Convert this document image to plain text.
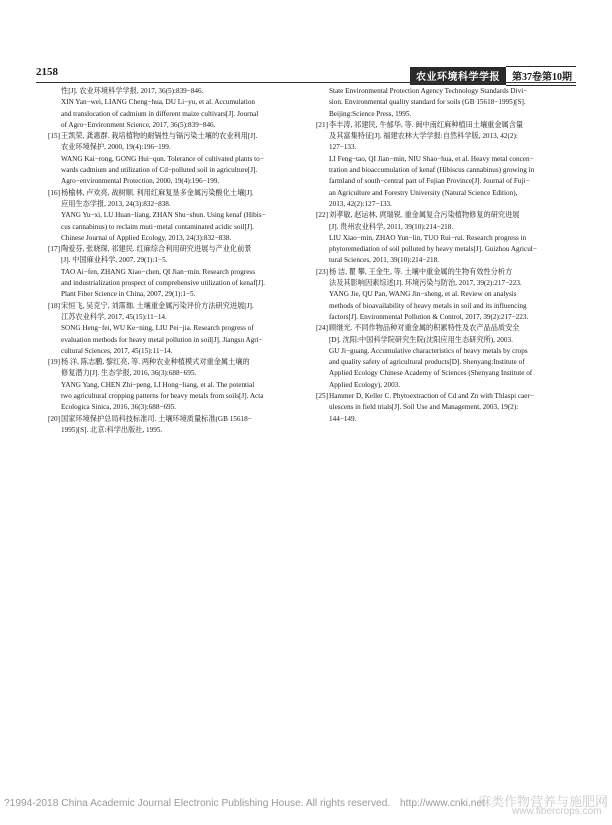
2158	农业环境科学学报	第37卷第10期
性[J]. 农业环境科学学报, 2017, 36(5):839−846.
XIN Yan−wei, LIANG Cheng−hua, DU Li−yu, et al. Accumulation
and translocation of cadmium in different maize cultivars[J]. Journal
of Agro−Environment Science, 2017, 36(5):839−846.
[15] 王凯荣, 龚惠群. 栽培植物的耐镉性与镉污染土壤的农业利用[J].
农业环境保护, 2000, 19(4):196−199.
WANG Kai−rong, GONG Hui−qun. Tolerance of cultivated plants to−
wards cadmium and utilization of Cd−polluted soil in agriculture[J].
Agro−environmental Protection, 2000, 19(4):196−199.
[16] 杨榆林, 卢欢亮, 战树顺. 利用红麻复垦多金属污染酸化土壤[J].
应用生态学报, 2013, 24(3):832−838.
YANG Yu−xi, LU Huan−liang, ZHAN Shu−shun. Using kenaf (Hibis−
cus cannabinus) to reclaim muti−metal contaminated acidic soil[J].
Chinese Journal of Applied Ecology, 2013, 24(3):832−838.
[17] 陶爱芬, 张晓琛, 祁建民. 红麻综合利用研究进展与产业化前景
[J]. 中国麻业科学, 2007, 29(1):1−5.
TAO Ai−fen, ZHANG Xiao−chen, QI Jian−min. Research progress
and industrialization prospect of comprehensive utilization of kenaf[J].
Plant Fiber Science in China, 2007, 29(1):1−5.
[18] 宋恒飞, 吴克宁, 刘霈珈. 土壤重金属污染评价方法研究进展[J].
江苏农业科学, 2017, 45(15):11−14.
SONG Heng−fei, WU Ke−ning, LIU Pei−jia. Research progress of
evaluation methods for heavy metal pollution in soil[J]. Jiangsu Agri−
cultural Sciences, 2017, 45(15):11−14.
[19] 杨 洋, 陈志鹏, 黎红亮, 等. 两种农业种植模式对重金属土壤的
修复潜力[J]. 生态学报, 2016, 36(3):688−695.
YANG Yang, CHEN Zhi−peng, LI Hong−liang, et al. The potential
two agricultural cropping patterns for heavy metals from soils[J]. Acta
Ecologica Sinica, 2016, 36(3):688−695.
[20] 国家环境保护总局科技标准司. 土壤环境质量标准(GB 15618−
1995)[S]. 北京:科学出版社, 1995.
State Environmental Protection Agency Technology Standards Divi−
sion. Environmental quality standard for soils (GB 15618−1995)[S].
Beijing:Science Press, 1995.
[21] 李丰涛, 祁建民, 牛郁华, 等. 闽中南红麻种植田土壤重金属含量
及其富集特征[J]. 福建农林大学学报:自然科学版, 2013, 42(2):
127−133.
LI Feng−tao, QI Jian−min, NIU Shao−hua, et al. Heavy metal concen−
tration and bioaccumulation of kenaf (Hibiscus cannabinus) growing in
farmland of south−central part of Fujian Province[J]. Journal of Fuji−
an Agriculture and Forestry University (Natural Science Edition),
2013, 42(2):127−133.
[22] 刘孝敏, 赵运林, 庹瑞锐. 重金属复合污染植物修复的研究进展
[J]. 贵州农业科学, 2011, 39(10):214−218.
LIU Xiao−min, ZHAO Yun−lin, TUO Rui−rui. Research progress in
phytoremediation of soil polluted by heavy metals[J]. Guizhou Agricul−
tural Sciences, 2011, 39(10):214−218.
[23] 杨 洁, 瞿 攀, 王金生, 等. 土壤中重金属的生物有效性分析方
法及其影响因素综述[J]. 环境污染与防治, 2017, 39(2):217−223.
YANG Jie, QU Pan, WANG Jin−sheng, et al. Review on analysis
methods of bioavailability of heavy metals in soil and its influencing
factors[J]. Environmental Pollution & Control, 2017, 39(2):217−223.
[24] 顾继光. 不同作物品种对重金属的积累特性及农产品品质安全
[D]. 沈阳:中国科学院研究生院(沈阳应用生态研究所), 2003.
GU Ji−guang. Accumulative characteristics of heavy metals by crops
and quality safety of agricultural products[D]. Shenyang:Institute of
Applied Ecology Chinese Academy of Sciences (Shenyang Institute of
Applied Ecology), 2003.
[25] Hammer D, Keller C. Phytoextraction of Cd and Zn with Thlaspi caer−
ulescens in field trials[J]. Soil Use and Management, 2003, 19(2):
144−149.
?1994-2018 China Academic Journal Electronic Publishing House. All rights reserved. http://www.cnki.net
麻类作物营养与施肥网
www.fibercrops.com
